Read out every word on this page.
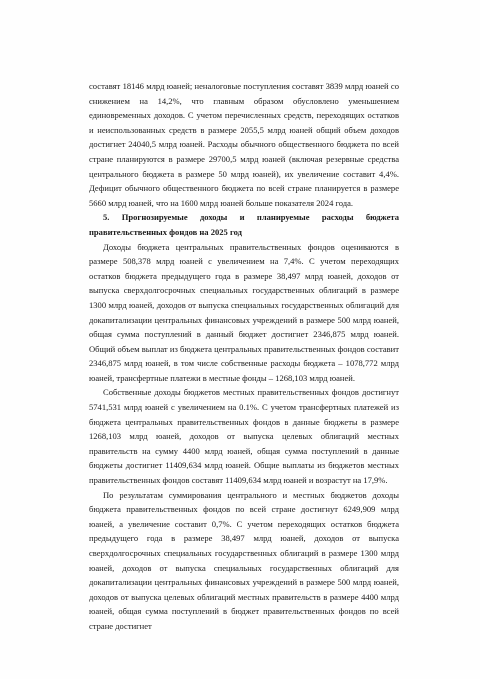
составят 18146 млрд юаней; неналоговые поступления составят 3839 млрд юаней со снижением на 14,2%, что главным образом обусловлено уменьшением единовременных доходов. С учетом перечисленных средств, переходящих остатков и неиспользованных средств в размере 2055,5 млрд юаней общий объем доходов достигнет 24040,5 млрд юаней. Расходы обычного общественного бюджета по всей стране планируются в размере 29700,5 млрд юаней (включая резервные средства центрального бюджета в размере 50 млрд юаней), их увеличение составит 4,4%. Дефицит обычного общественного бюджета по всей стране планируется в размере 5660 млрд юаней, что на 1600 млрд юаней больше показателя 2024 года.

5. Прогнозируемые доходы и планируемые расходы бюджета правительственных фондов на 2025 год

Доходы бюджета центральных правительственных фондов оцениваются в размере 508,378 млрд юаней с увеличением на 7,4%. С учетом переходящих остатков бюджета предыдущего года в размере 38,497 млрд юаней, доходов от выпуска сверхдолгосрочных специальных государственных облигаций в размере 1300 млрд юаней, доходов от выпуска специальных государственных облигаций для докапитализации центральных финансовых учреждений в размере 500 млрд юаней, общая сумма поступлений в данный бюджет достигнет 2346,875 млрд юаней. Общий объем выплат из бюджета центральных правительственных фондов составит 2346,875 млрд юаней, в том числе собственные расходы бюджета – 1078,772 млрд юаней, трансфертные платежи в местные фонды – 1268,103 млрд юаней.

Собственные доходы бюджетов местных правительственных фондов достигнут 5741,531 млрд юаней с увеличением на 0.1%. С учетом трансфертных платежей из бюджета центральных правительственных фондов в данные бюджеты в размере 1268,103 млрд юаней, доходов от выпуска целевых облигаций местных правительств на сумму 4400 млрд юаней, общая сумма поступлений в данные бюджеты достигнет 11409,634 млрд юаней. Общие выплаты из бюджетов местных правительственных фондов составят 11409,634 млрд юаней и возрастут на 17,9%.

По результатам суммирования центрального и местных бюджетов доходы бюджета правительственных фондов по всей стране достигнут 6249,909 млрд юаней, а увеличение составит 0,7%. С учетом переходящих остатков бюджета предыдущего года в размере 38,497 млрд юаней, доходов от выпуска сверхдолгосрочных специальных государственных облигаций в размере 1300 млрд юаней, доходов от выпуска специальных государственных облигаций для докапитализации центральных финансовых учреждений в размере 500 млрд юаней, доходов от выпуска целевых облигаций местных правительств в размере 4400 млрд юаней, общая сумма поступлений в бюджет правительственных фондов по всей стране достигнет
